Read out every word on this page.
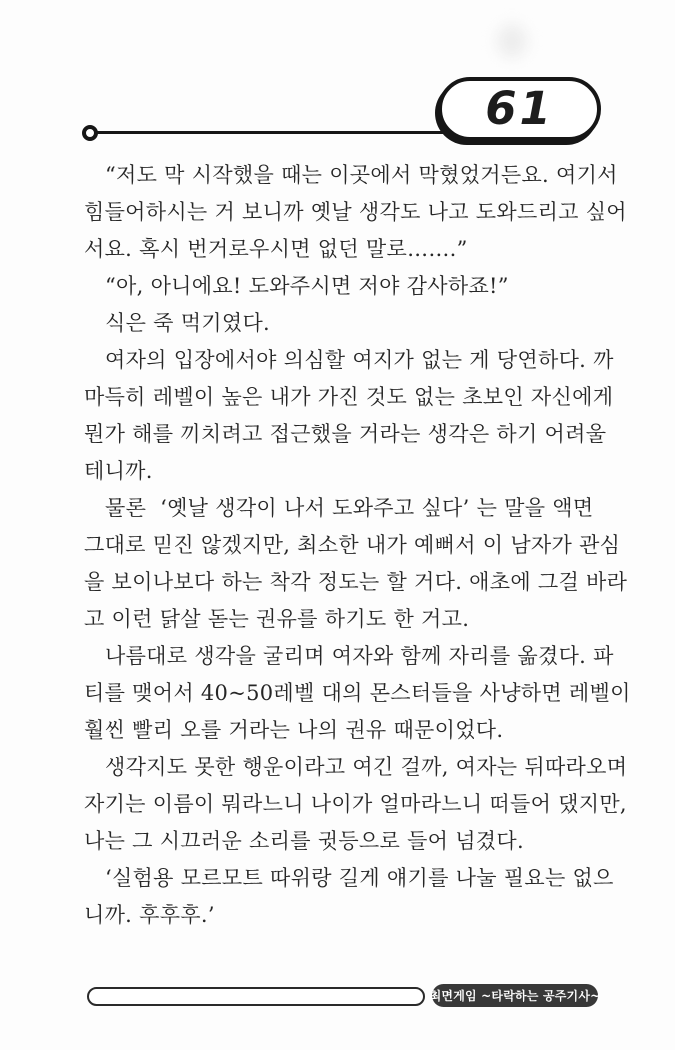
61
“저도 막 시작했을 때는 이곳에서 막혔었거든요. 여기서
힘들어하시는 거 보니까 옛날 생각도 나고 도와드리고 싶어
서요. 혹시 번거로우시면 없던 말로…….”
“아, 아니에요! 도와주시면 저야 감사하죠!”
식은 죽 먹기였다.
여자의 입장에서야 의심할 여지가 없는 게 당연하다. 까
마득히 레벨이 높은 내가 가진 것도 없는 초보인 자신에게
뭔가 해를 끼치려고 접근했을 거라는 생각은 하기 어려울
테니까.
물론  ‘옛날 생각이 나서 도와주고 싶다’ 는 말을 액면
그대로 믿진 않겠지만, 최소한 내가 예뻐서 이 남자가 관심
을 보이나보다 하는 착각 정도는 할 거다. 애초에 그걸 바라
고 이런 닭살 돋는 권유를 하기도 한 거고.
나름대로 생각을 굴리며 여자와 함께 자리를 옮겼다. 파
티를 맺어서 40~50레벨 대의 몬스터들을 사냥하면 레벨이
훨씬 빨리 오를 거라는 나의 권유 때문이었다.
생각지도 못한 행운이라고 여긴 걸까, 여자는 뒤따라오며
자기는 이름이 뭐라느니 나이가 얼마라느니 떠들어 댔지만,
나는 그 시끄러운 소리를 귓등으로 들어 넘겼다.
‘실험용 모르모트 따위랑 길게 얘기를 나눌 필요는 없으
니까. 후후후.’
최면게임 ~타락하는 공주기사~
